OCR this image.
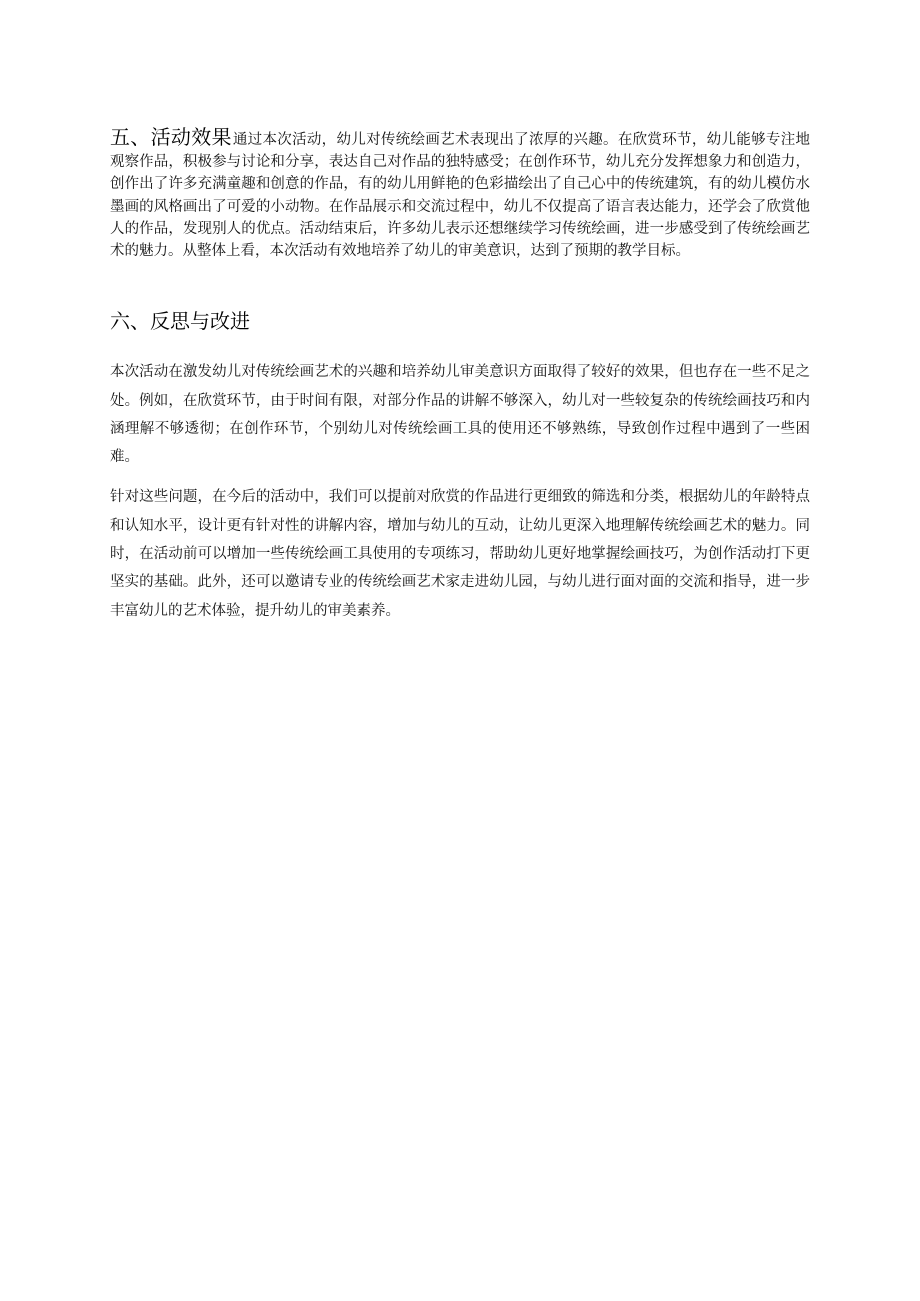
五、活动效果通过本次活动，幼儿对传统绘画艺术表现出了浓厚的兴趣。在欣赏环节，幼儿能够专注地观察作品，积极参与讨论和分享，表达自己对作品的独特感受；在创作环节，幼儿充分发挥想象力和创造力，创作出了许多充满童趣和创意的作品，有的幼儿用鲜艳的色彩描绘出了自己心中的传统建筑，有的幼儿模仿水墨画的风格画出了可爱的小动物。在作品展示和交流过程中，幼儿不仅提高了语言表达能力，还学会了欣赏他人的作品，发现别人的优点。活动结束后，许多幼儿表示还想继续学习传统绘画，进一步感受到了传统绘画艺术的魅力。从整体上看，本次活动有效地培养了幼儿的审美意识，达到了预期的教学目标。

六、反思与改进

本次活动在激发幼儿对传统绘画艺术的兴趣和培养幼儿审美意识方面取得了较好的效果，但也存在一些不足之处。例如，在欣赏环节，由于时间有限，对部分作品的讲解不够深入，幼儿对一些较复杂的传统绘画技巧和内涵理解不够透彻；在创作环节，个别幼儿对传统绘画工具的使用还不够熟练，导致创作过程中遇到了一些困难。

针对这些问题，在今后的活动中，我们可以提前对欣赏的作品进行更细致的筛选和分类，根据幼儿的年龄特点和认知水平，设计更有针对性的讲解内容，增加与幼儿的互动，让幼儿更深入地理解传统绘画艺术的魅力。同时，在活动前可以增加一些传统绘画工具使用的专项练习，帮助幼儿更好地掌握绘画技巧，为创作活动打下更坚实的基础。此外，还可以邀请专业的传统绘画艺术家走进幼儿园，与幼儿进行面对面的交流和指导，进一步丰富幼儿的艺术体验，提升幼儿的审美素养。
